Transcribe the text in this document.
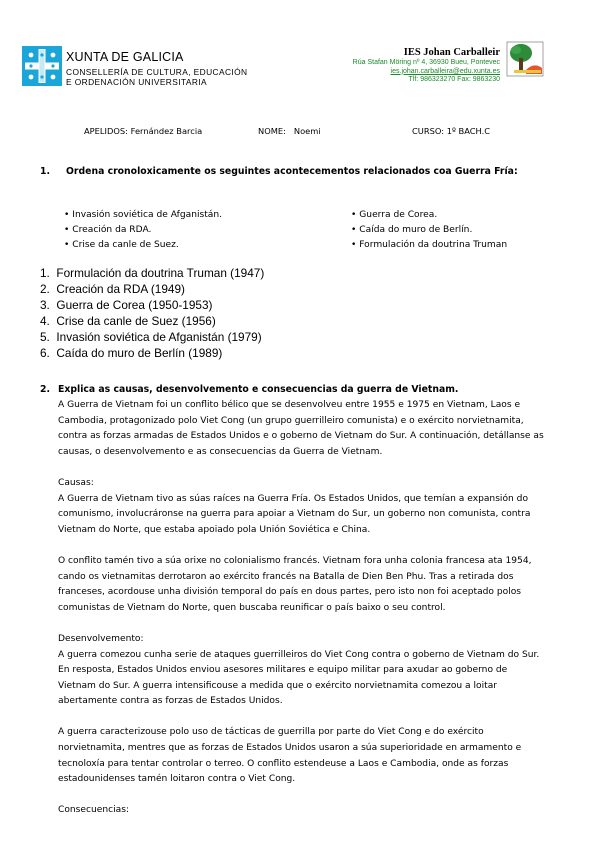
XUNTA DE GALICIA
CONSELLERÍA DE CULTURA, EDUCACIÓN
E ORDENACIÓN UNIVERSITARIA
IES Johan Carballeir
Rúa Stafan Möring nº 4, 36930 Bueu, Pontevec
ies.johan.carballeira@edu.xunta.es
Tlf: 986323270 Fax: 9863230
APELIDOS: Fernández Barcia	NOME: Noemi	CURSO: 1º BACH.C
1. Ordena cronoloxicamente os seguintes acontecementos relacionados coa Guerra Fría:
• Invasión soviética de Afganistán.
• Creación da RDA.
• Crise da canle de Suez.
• Guerra de Corea.
• Caída do muro de Berlín.
• Formulación da doutrina Truman
1. Formulación da doutrina Truman (1947)
2. Creación da RDA (1949)
3. Guerra de Corea (1950-1953)
4. Crise da canle de Suez (1956)
5. Invasión soviética de Afganistán (1979)
6. Caída do muro de Berlín (1989)
2. Explica as causas, desenvolvemento e consecuencias da guerra de Vietnam.

A Guerra de Vietnam foi un conflito bélico que se desenvolveu entre 1955 e 1975 en Vietnam, Laos e Cambodia, protagonizado polo Viet Cong (un grupo guerrilleiro comunista) e o exército norvietnamita, contra as forzas armadas de Estados Unidos e o goberno de Vietnam do Sur. A continuación, detállanse as causas, o desenvolvemento e as consecuencias da Guerra de Vietnam.

Causas:

A Guerra de Vietnam tivo as súas raíces na Guerra Fría. Os Estados Unidos, que temían a expansión do comunismo, involucráronse na guerra para apoiar a Vietnam do Sur, un goberno non comunista, contra Vietnam do Norte, que estaba apoiado pola Unión Soviética e China.

O conflito tamén tivo a súa orixe no colonialismo francés. Vietnam fora unha colonia francesa ata 1954, cando os vietnamitas derrotaron ao exército francés na Batalla de Dien Ben Phu. Tras a retirada dos franceses, acordouse unha división temporal do país en dous partes, pero isto non foi aceptado polos comunistas de Vietnam do Norte, quen buscaba reunificar o país baixo o seu control.

Desenvolvemento:

A guerra comezou cunha serie de ataques guerrilleiros do Viet Cong contra o goberno de Vietnam do Sur. En resposta, Estados Unidos enviou asesores militares e equipo militar para axudar ao goberno de Vietnam do Sur. A guerra intensificouse a medida que o exército norvietnamita comezou a loitar abertamente contra as forzas de Estados Unidos.

A guerra caracterizouse polo uso de tácticas de guerrilla por parte do Viet Cong e do exército norvietnamita, mentres que as forzas de Estados Unidos usaron a súa superioridade en armamento e tecnoloxía para tentar controlar o terreo. O conflito estendeuse a Laos e Cambodia, onde as forzas estadounidenses tamén loitaron contra o Viet Cong.

Consecuencias:
